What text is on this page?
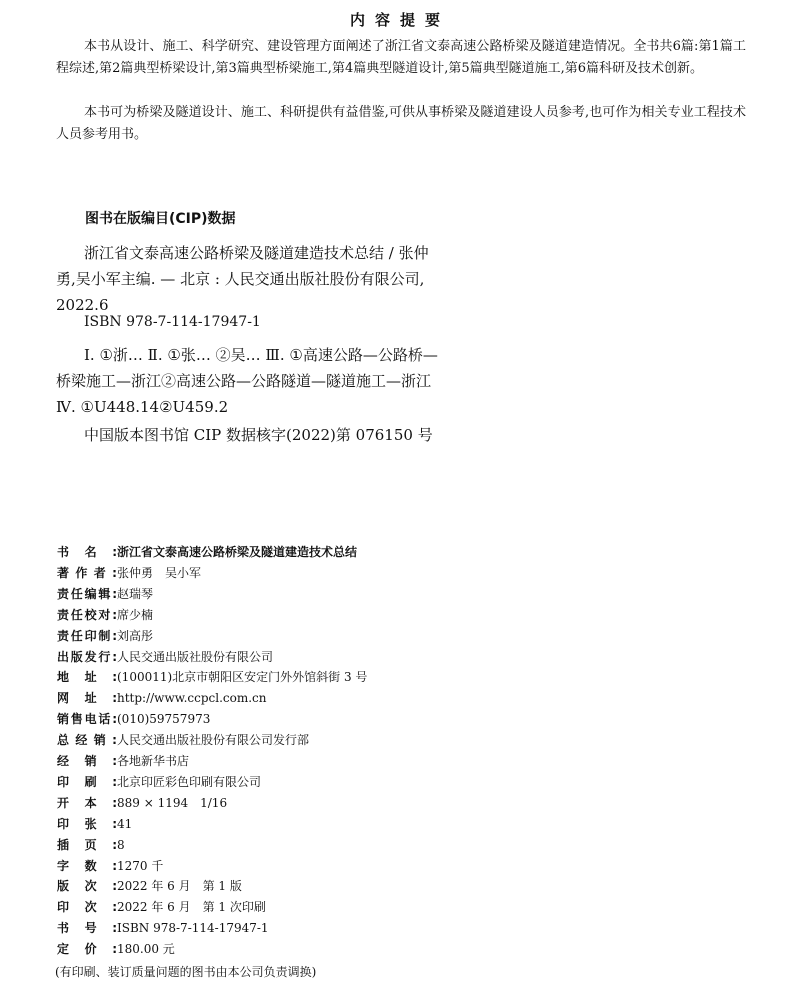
内容提要
本书从设计、施工、科学研究、建设管理方面阐述了浙江省文泰高速公路桥梁及隧道建造情况。全书共6篇:第1篇工程综述,第2篇典型桥梁设计,第3篇典型桥梁施工,第4篇典型隧道设计,第5篇典型隧道施工,第6篇科研及技术创新。
本书可为桥梁及隧道设计、施工、科研提供有益借鉴,可供从事桥梁及隧道建设人员参考,也可作为相关专业工程技术人员参考用书。
图书在版编目(CIP)数据
浙江省文泰高速公路桥梁及隧道建造技术总结 / 张仲勇,吴小军主编. — 北京 : 人民交通出版社股份有限公司, 2022.6
ISBN 978-7-114-17947-1
Ⅰ. ①浙… Ⅱ. ①张… ②吴… Ⅲ. ①高速公路—公路桥—桥梁施工—浙江②高速公路—公路隧道—隧道施工—浙江 Ⅳ. ①U448.14②U459.2
中国版本图书馆 CIP 数据核字(2022)第 076150 号
书 名 : 浙江省文泰高速公路桥梁及隧道建造技术总结
著 作 者 : 张仲勇　吴小军
责 任 编 辑 : 赵瑞琴
责 任 校 对 : 席少楠
责 任 印 制 : 刘高彤
出 版 发 行 : 人民交通出版社股份有限公司
地 址 : (100011)北京市朝阳区安定门外外馆斜街 3 号
网 址 : http://www.ccpcl.com.cn
销 售 电 话 : (010)59757973
总 经 销 : 人民交通出版社股份有限公司发行部
经 销 : 各地新华书店
印 刷 : 北京印匠彩色印刷有限公司
开 本 : 889 × 1194　1/16
印 张 : 41
插 页 : 8
字 数 : 1270 千
版 次 : 2022 年 6 月　第 1 版
印 次 : 2022 年 6 月　第 1 次印刷
书 号 : ISBN 978-7-114-17947-1
定 价 : 180.00 元
(有印刷、装订质量问题的图书由本公司负责调换)
